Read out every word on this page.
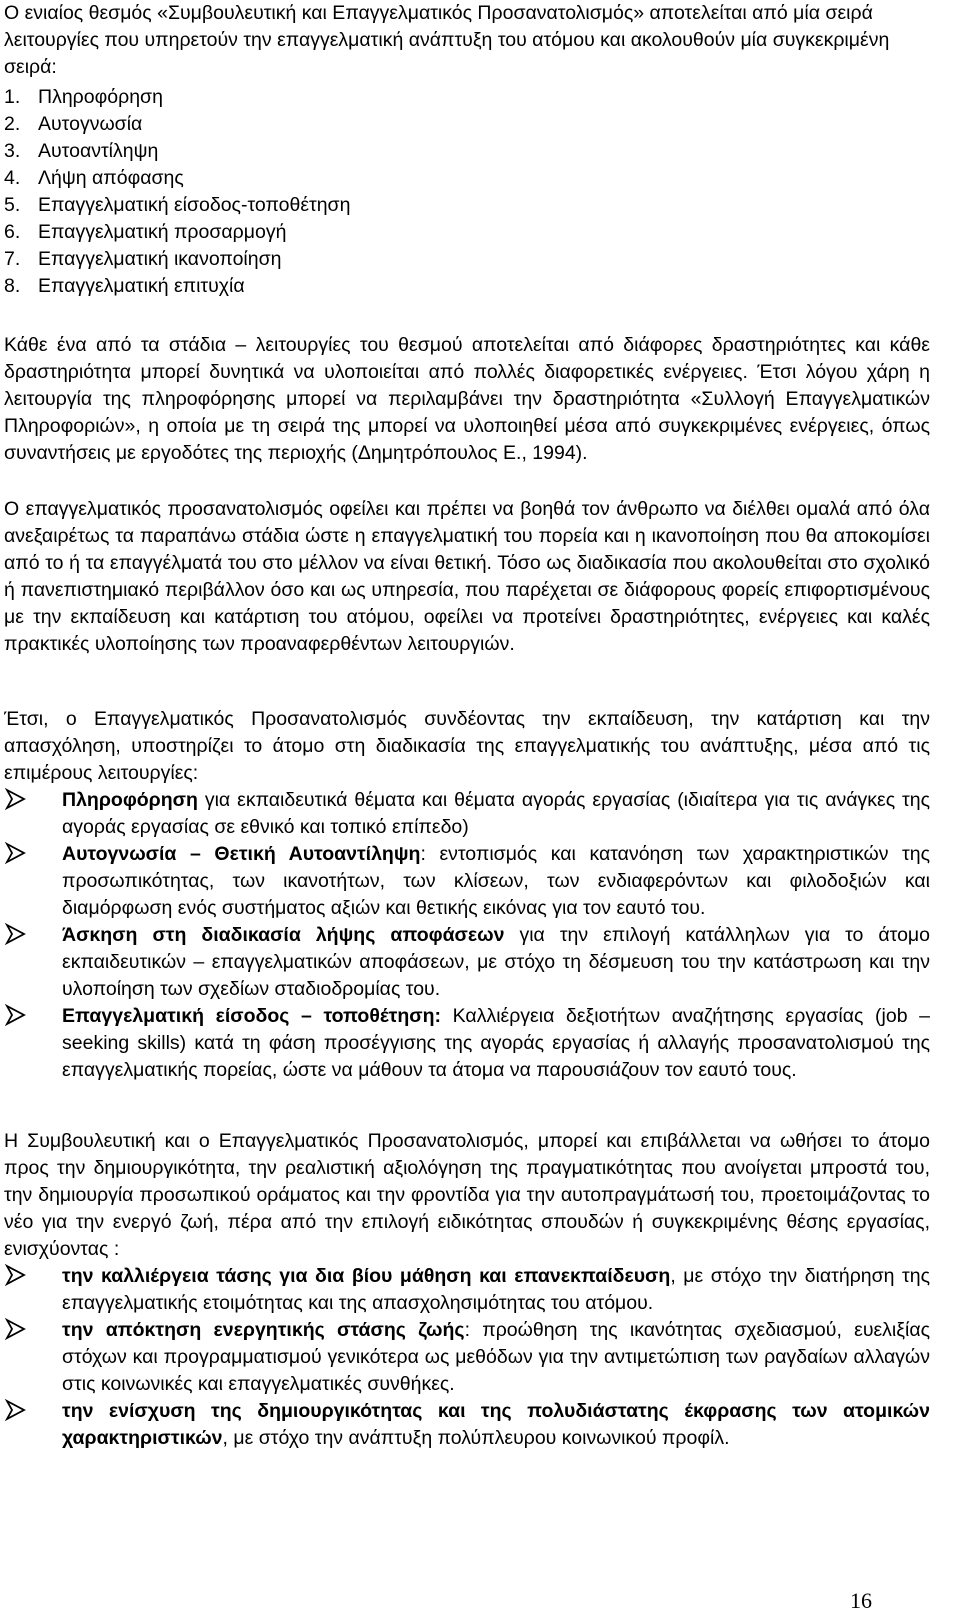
Ο ενιαίος θεσμός «Συμβουλευτική και Επαγγελματικός Προσανατολισμός» αποτελείται από μία σειρά

λειτουργίες που υπηρετούν την επαγγελματική ανάπτυξη του ατόμου και ακολουθούν μία συγκεκριμένη

σειρά:

1. Πληροφόρηση
2. Αυτογνωσία
3. Αυτοαντίληψη
4. Λήψη απόφασης
5. Επαγγελματική είσοδος-τοποθέτηση
6. Επαγγελματική προσαρμογή
7. Επαγγελματική ικανοποίηση
8. Επαγγελματική επιτυχία

Κάθε ένα από τα στάδια – λειτουργίες του θεσμού αποτελείται από διάφορες δραστηριότητες και κάθε δραστηριότητα μπορεί δυνητικά να υλοποιείται από πολλές διαφορετικές ενέργειες. Έτσι λόγου χάρη η λειτουργία της πληροφόρησης μπορεί να περιλαμβάνει την δραστηριότητα «Συλλογή Επαγγελματικών Πληροφοριών», η οποία με τη σειρά της μπορεί να υλοποιηθεί μέσα από συγκεκριμένες ενέργειες, όπως συναντήσεις με εργοδότες της περιοχής (Δημητρόπουλος Ε., 1994).

Ο επαγγελματικός προσανατολισμός οφείλει και πρέπει να βοηθά τον άνθρωπο να διέλθει ομαλά από όλα ανεξαιρέτως τα παραπάνω στάδια ώστε η επαγγελματική του πορεία και η ικανοποίηση που θα αποκομίσει από το ή τα επαγγέλματά του στο μέλλον να είναι θετική. Τόσο ως διαδικασία που ακολουθείται στο σχολικό ή πανεπιστημιακό περιβάλλον όσο και ως υπηρεσία, που παρέχεται σε διάφορους φορείς επιφορτισμένους με την εκπαίδευση και κατάρτιση του ατόμου, οφείλει να προτείνει δραστηριότητες, ενέργειες και καλές πρακτικές υλοποίησης των προαναφερθέντων λειτουργιών.

Έτσι, ο Επαγγελματικός Προσανατολισμός συνδέοντας την εκπαίδευση, την κατάρτιση και την απασχόληση, υποστηρίζει το άτομο στη διαδικασία της επαγγελματικής του ανάπτυξης, μέσα από τις επιμέρους λειτουργίες:

Πληροφόρηση για εκπαιδευτικά θέματα και θέματα αγοράς εργασίας (ιδιαίτερα για τις ανάγκες της αγοράς εργασίας σε εθνικό και τοπικό επίπεδο)
Αυτογνωσία – Θετική Αυτοαντίληψη: εντοπισμός και κατανόηση των χαρακτηριστικών της προσωπικότητας, των ικανοτήτων, των κλίσεων, των ενδιαφερόντων και φιλοδοξιών και διαμόρφωση ενός συστήματος αξιών και θετικής εικόνας για τον εαυτό του.
Άσκηση στη διαδικασία λήψης αποφάσεων για την επιλογή κατάλληλων για το άτομο εκπαιδευτικών – επαγγελματικών αποφάσεων, με στόχο τη δέσμευση του την κατάστρωση και την υλοποίηση των σχεδίων σταδιοδρομίας του.
Επαγγελματική είσοδος – τοποθέτηση: Καλλιέργεια δεξιοτήτων αναζήτησης εργασίας (job – seeking skills) κατά τη φάση προσέγγισης της αγοράς εργασίας ή αλλαγής προσανατολισμού της επαγγελματικής πορείας, ώστε να μάθουν τα άτομα να παρουσιάζουν τον εαυτό τους.

Η Συμβουλευτική και ο Επαγγελματικός Προσανατολισμός, μπορεί και επιβάλλεται να ωθήσει το άτομο προς την δημιουργικότητα, την ρεαλιστική αξιολόγηση της πραγματικότητας που ανοίγεται μπροστά του, την δημιουργία προσωπικού οράματος και την φροντίδα για την αυτοπραγμάτωσή του, προετοιμάζοντας το νέο για την ενεργό ζωή, πέρα από την επιλογή ειδικότητας σπουδών ή συγκεκριμένης θέσης εργασίας, ενισχύοντας :

την καλλιέργεια τάσης για δια βίου μάθηση και επανεκπαίδευση, με στόχο την διατήρηση της επαγγελματικής ετοιμότητας και της απασχολησιμότητας του ατόμου.
την απόκτηση ενεργητικής στάσης ζωής: προώθηση της ικανότητας σχεδιασμού, ευελιξίας στόχων και προγραμματισμού γενικότερα ως μεθόδων για την αντιμετώπιση των ραγδαίων αλλαγών στις κοινωνικές και επαγγελματικές συνθήκες.
την ενίσχυση της δημιουργικότητας και της πολυδιάστατης έκφρασης των ατομικών χαρακτηριστικών, με στόχο την ανάπτυξη πολύπλευρου κοινωνικού προφίλ.
16
